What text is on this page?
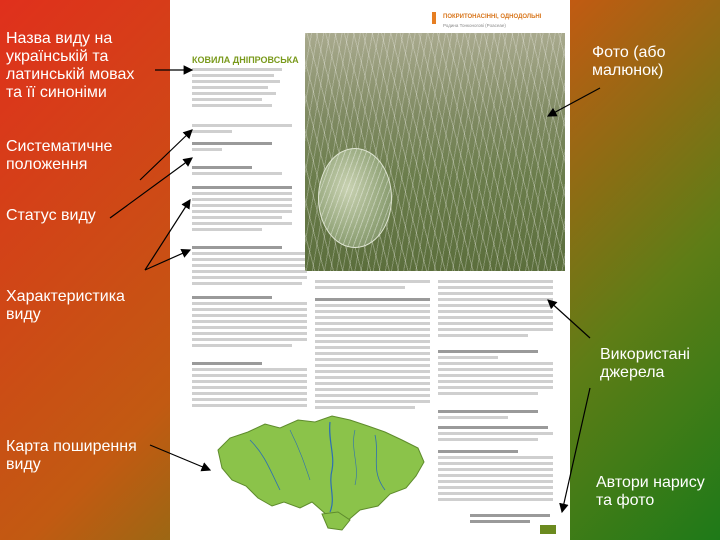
ПОКРИТОНАСІННІ, ОДНОДОЛЬНІ
Родина Тонконогові (Poaceae)
КОВИЛА ДНІПРОВСЬКА
Назва виду на
українській та
латинській мовах
та її синоніми
Фото (або
малюнок)
Систематичне
положення
Статус виду
Характеристика
виду
Використані
джерела
Карта поширення
виду
Автори нарису
та фото
